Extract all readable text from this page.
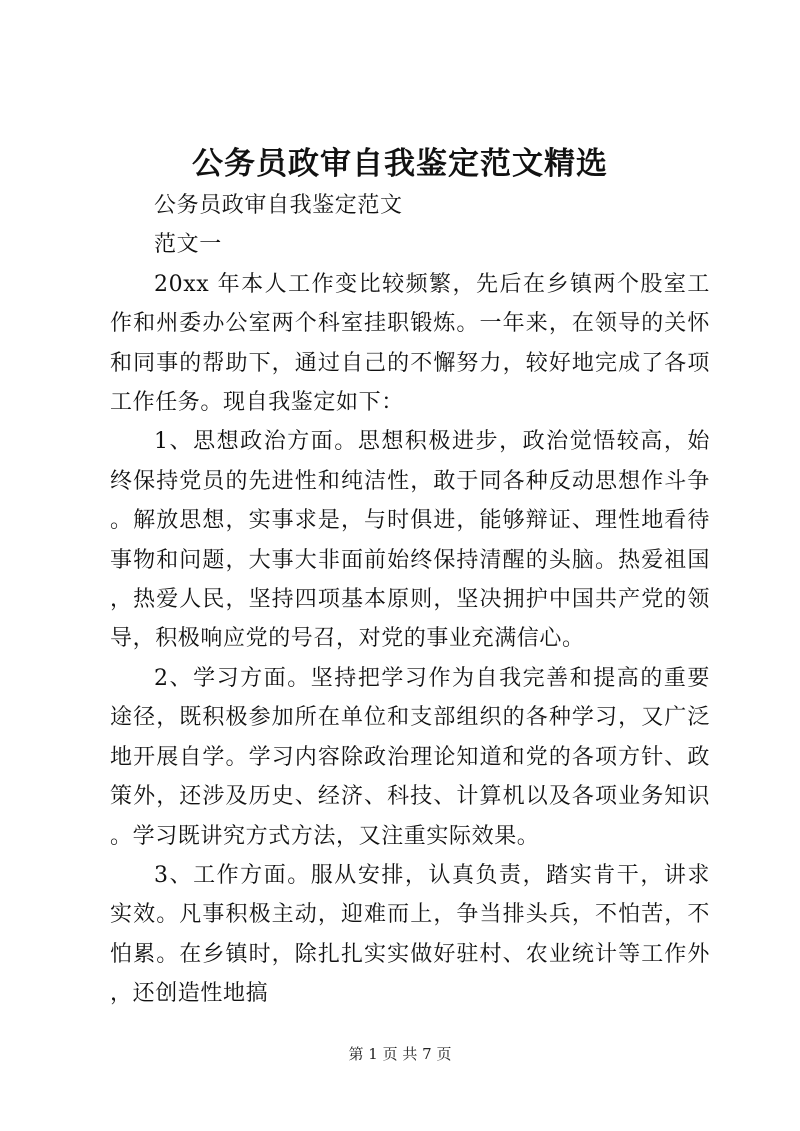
公务员政审自我鉴定范文精选

公务员政审自我鉴定范文

范文一

20xx 年本人工作变比较频繁，先后在乡镇两个股室工作和州委办公室两个科室挂职锻炼。一年来，在领导的关怀和同事的帮助下，通过自己的不懈努力，较好地完成了各项工作任务。现自我鉴定如下：

1、思想政治方面。思想积极进步，政治觉悟较高，始终保持党员的先进性和纯洁性，敢于同各种反动思想作斗争。解放思想，实事求是，与时俱进，能够辩证、理性地看待事物和问题，大事大非面前始终保持清醒的头脑。热爱祖国，热爱人民，坚持四项基本原则，坚决拥护中国共产党的领导，积极响应党的号召，对党的事业充满信心。

2、学习方面。坚持把学习作为自我完善和提高的重要途径，既积极参加所在单位和支部组织的各种学习，又广泛地开展自学。学习内容除政治理论知道和党的各项方针、政策外，还涉及历史、经济、科技、计算机以及各项业务知识。学习既讲究方式方法，又注重实际效果。

3、工作方面。服从安排，认真负责，踏实肯干，讲求实效。凡事积极主动，迎难而上，争当排头兵，不怕苦，不怕累。在乡镇时，除扎扎实实做好驻村、农业统计等工作外，还创造性地搞

第 1 页 共 7 页
